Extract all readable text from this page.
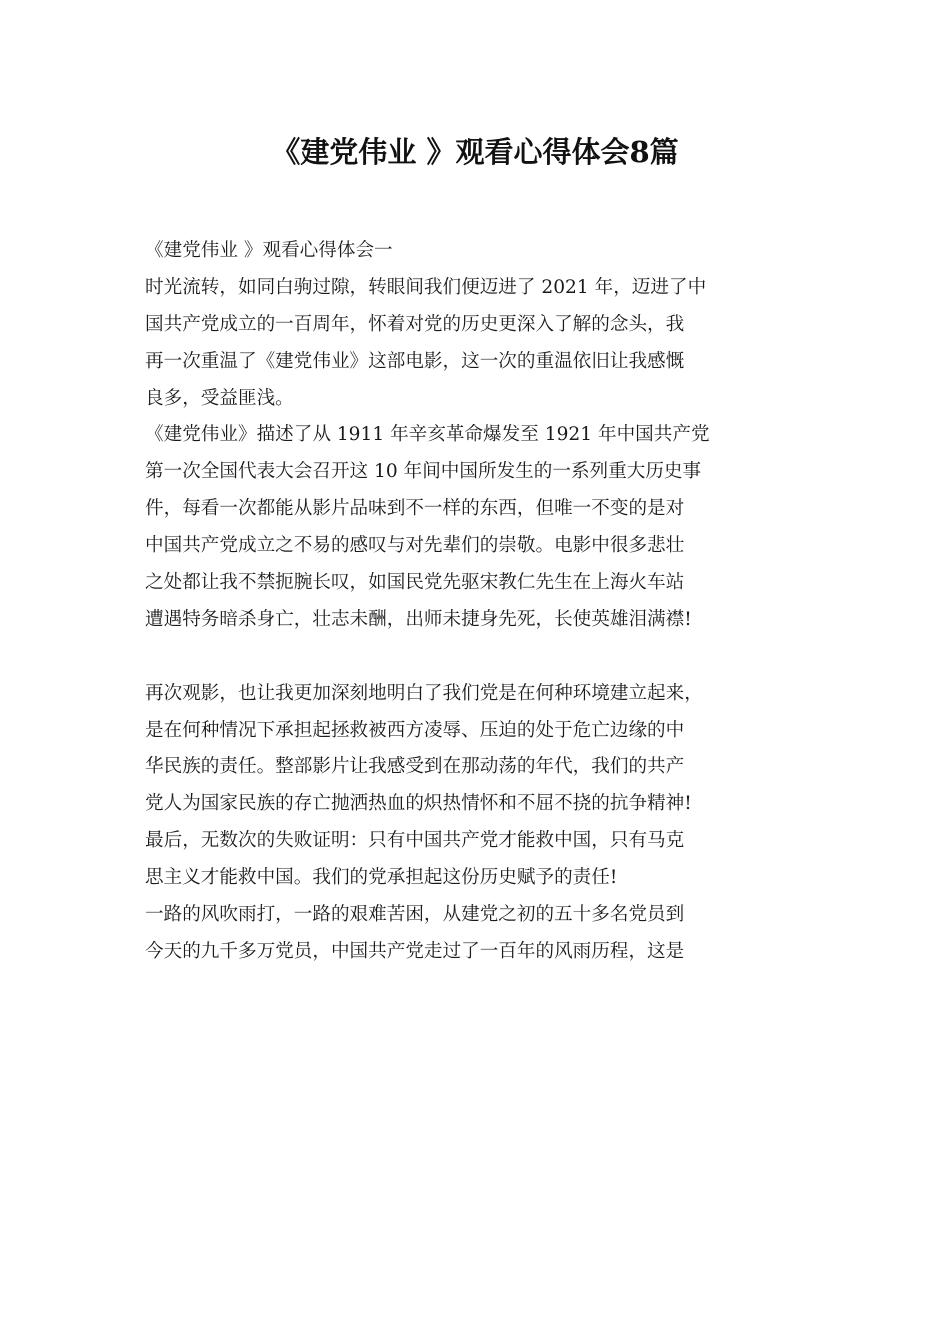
《建党伟业 》观看心得体会8篇
《建党伟业 》观看心得体会一
时光流转，如同白驹过隙，转眼间我们便迈进了 2021 年，迈进了中
国共产党成立的一百周年，怀着对党的历史更深入了解的念头，我
再一次重温了《建党伟业》这部电影，这一次的重温依旧让我感慨
良多，受益匪浅。
《建党伟业》描述了从 1911 年辛亥革命爆发至 1921 年中国共产党
第一次全国代表大会召开这 10 年间中国所发生的一系列重大历史事
件，每看一次都能从影片品味到不一样的东西，但唯一不变的是对
中国共产党成立之不易的感叹与对先辈们的崇敬。电影中很多悲壮
之处都让我不禁扼腕长叹，如国民党先驱宋教仁先生在上海火车站
遭遇特务暗杀身亡，壮志未酬，出师未捷身先死，长使英雄泪满襟!
再次观影，也让我更加深刻地明白了我们党是在何种环境建立起来，
是在何种情况下承担起拯救被西方凌辱、压迫的处于危亡边缘的中
华民族的责任。整部影片让我感受到在那动荡的年代，我们的共产
党人为国家民族的存亡抛洒热血的炽热情怀和不屈不挠的抗争精神!
最后，无数次的失败证明：只有中国共产党才能救中国，只有马克
思主义才能救中国。我们的党承担起这份历史赋予的责任!
一路的风吹雨打，一路的艰难苦困，从建党之初的五十多名党员到
今天的九千多万党员，中国共产党走过了一百年的风雨历程，这是
